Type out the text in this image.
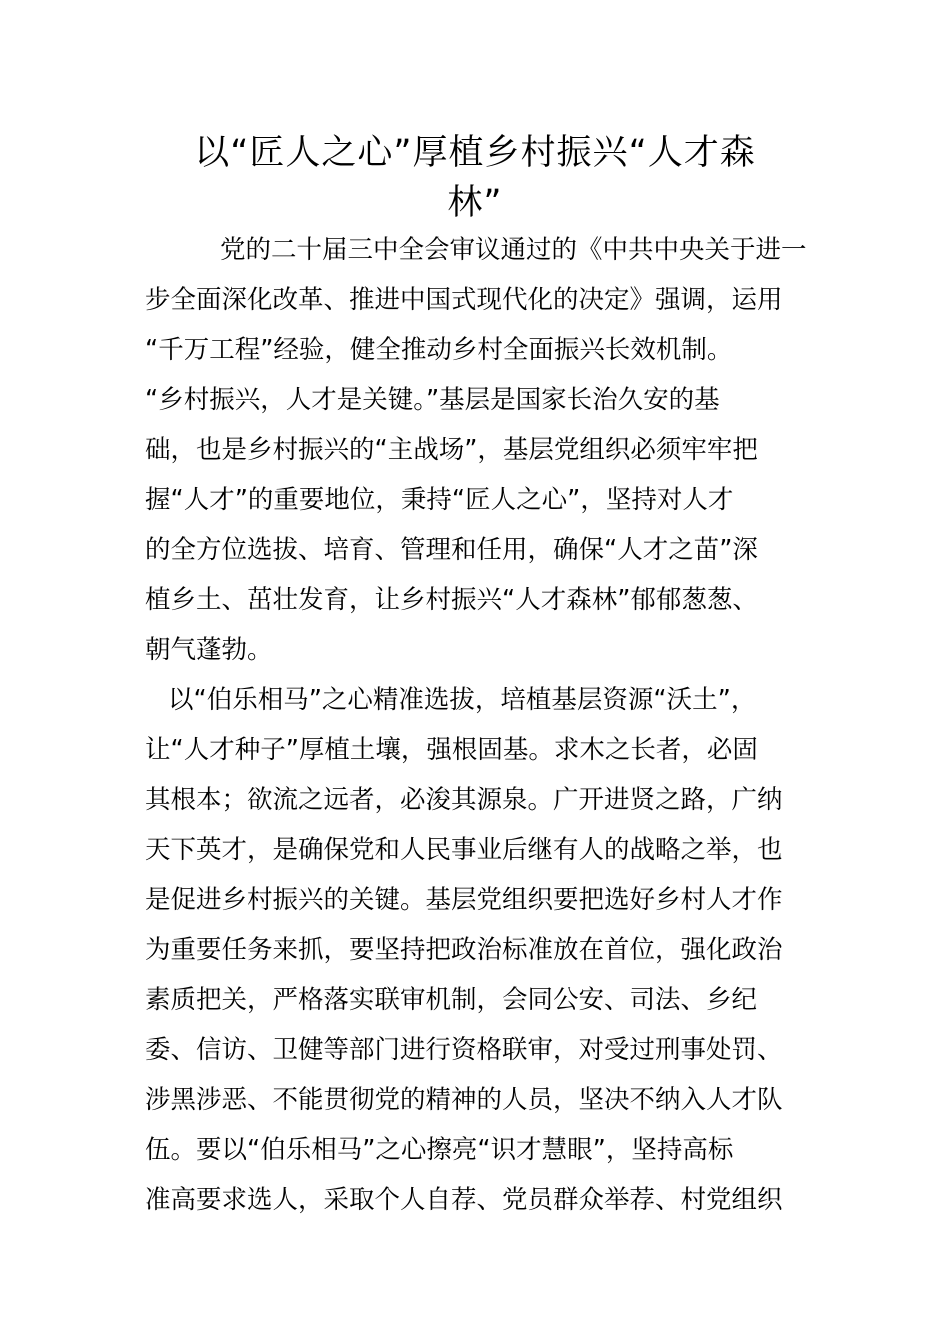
以“匠人之心”厚植乡村振兴“人才森
林”
党的二十届三中全会审议通过的《中共中央关于进一
步全面深化改革、推进中国式现代化的决定》强调，运用
“千万工程”经验，健全推动乡村全面振兴长效机制。
“乡村振兴，人才是关键。”基层是国家长治久安的基
础，也是乡村振兴的“主战场”，基层党组织必须牢牢把
握“人才”的重要地位，秉持“匠人之心”，坚持对人才
的全方位选拔、培育、管理和任用，确保“人才之苗”深
植乡土、茁壮发育，让乡村振兴“人才森林”郁郁葱葱、
朝气蓬勃。
以“伯乐相马”之心精准选拔，培植基层资源“沃土”，
让“人才种子”厚植土壤，强根固基。求木之长者，必固
其根本；欲流之远者，必浚其源泉。广开进贤之路，广纳
天下英才，是确保党和人民事业后继有人的战略之举，也
是促进乡村振兴的关键。基层党组织要把选好乡村人才作
为重要任务来抓，要坚持把政治标准放在首位，强化政治
素质把关，严格落实联审机制，会同公安、司法、乡纪
委、信访、卫健等部门进行资格联审，对受过刑事处罚、
涉黑涉恶、不能贯彻党的精神的人员，坚决不纳入人才队
伍。要以“伯乐相马”之心擦亮“识才慧眼”，坚持高标
准高要求选人，采取个人自荐、党员群众举荐、村党组织
